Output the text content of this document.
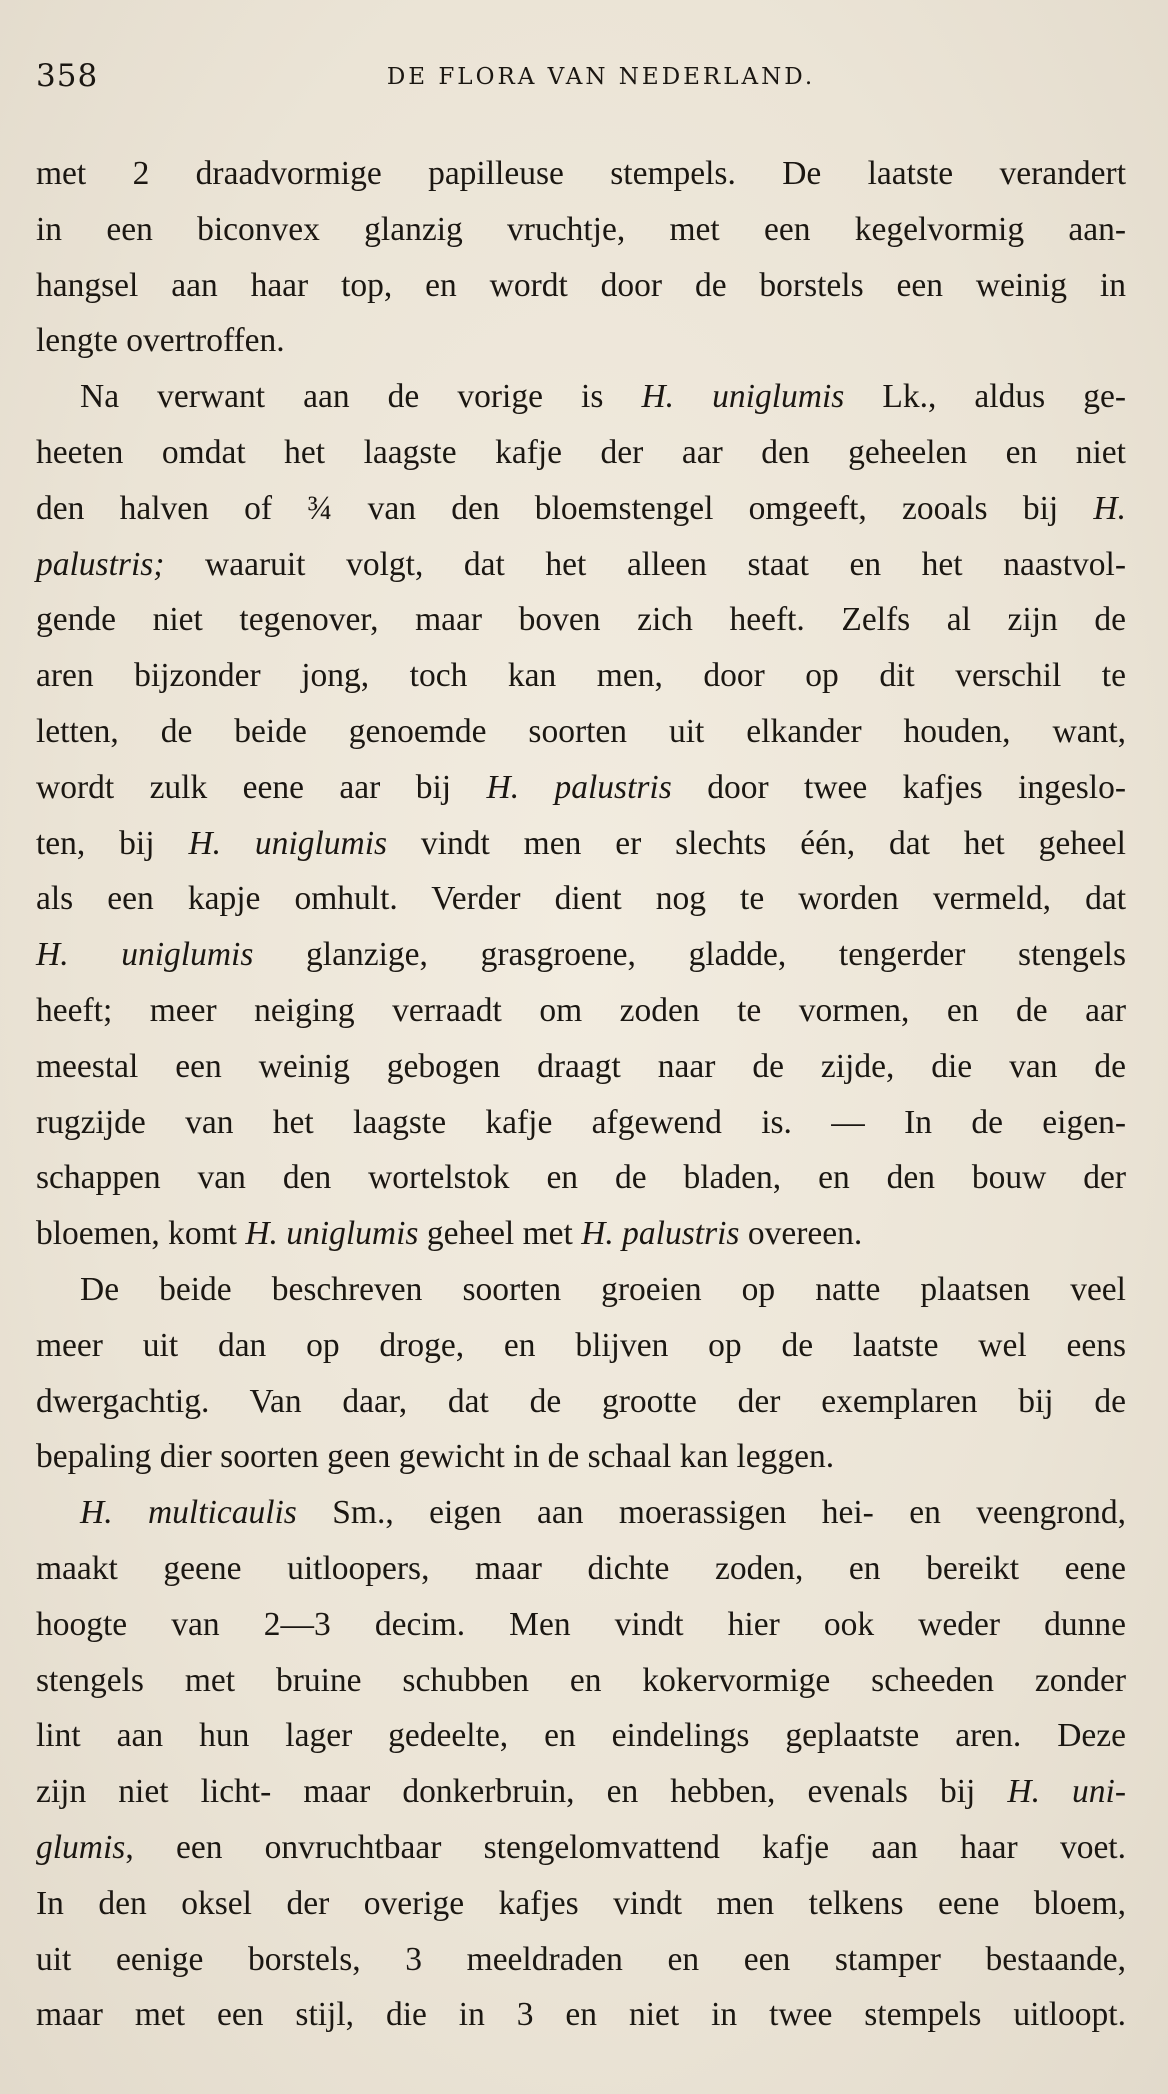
358	DE FLORA VAN NEDERLAND.
met 2 draadvormige papilleuse stempels. De laatste verandert
in een biconvex glanzig vruchtje, met een kegelvormig aan-
hangsel aan haar top, en wordt door de borstels een weinig in
lengte overtroffen.
Na verwant aan de vorige is H. uniglumis Lk., aldus ge-
heeten omdat het laagste kafje der aar den geheelen en niet
den halven of ¾ van den bloemstengel omgeeft, zooals bij H.
palustris; waaruit volgt, dat het alleen staat en het naastvol-
gende niet tegenover, maar boven zich heeft. Zelfs al zijn de
aren bijzonder jong, toch kan men, door op dit verschil te
letten, de beide genoemde soorten uit elkander houden, want,
wordt zulk eene aar bij H. palustris door twee kafjes ingeslo-
ten, bij H. uniglumis vindt men er slechts één, dat het geheel
als een kapje omhult. Verder dient nog te worden vermeld, dat
H. uniglumis glanzige, grasgroene, gladde, tengerder stengels
heeft; meer neiging verraadt om zoden te vormen, en de aar
meestal een weinig gebogen draagt naar de zijde, die van de
rugzijde van het laagste kafje afgewend is. — In de eigen-
schappen van den wortelstok en de bladen, en den bouw der
bloemen, komt H. uniglumis geheel met H. palustris overeen.
De beide beschreven soorten groeien op natte plaatsen veel
meer uit dan op droge, en blijven op de laatste wel eens
dwergachtig. Van daar, dat de grootte der exemplaren bij de
bepaling dier soorten geen gewicht in de schaal kan leggen.
H. multicaulis Sm., eigen aan moerassigen hei- en veengrond,
maakt geene uitloopers, maar dichte zoden, en bereikt eene
hoogte van 2—3 decim. Men vindt hier ook weder dunne
stengels met bruine schubben en kokervormige scheeden zonder
lint aan hun lager gedeelte, en eindelings geplaatste aren. Deze
zijn niet licht- maar donkerbruin, en hebben, evenals bij H. uni-
glumis, een onvruchtbaar stengelomvattend kafje aan haar voet.
In den oksel der overige kafjes vindt men telkens eene bloem,
uit eenige borstels, 3 meeldraden en een stamper bestaande,
maar met een stijl, die in 3 en niet in twee stempels uitloopt.
